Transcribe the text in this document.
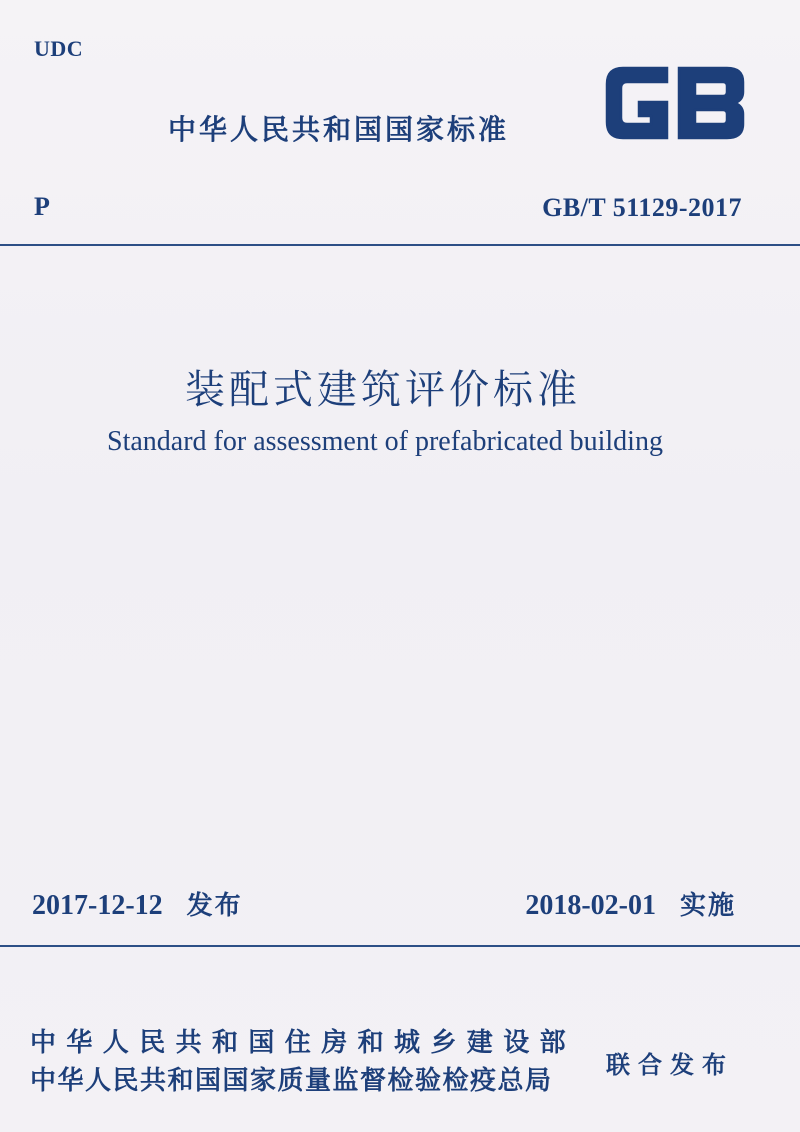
UDC
中华人民共和国国家标准
P	GB/T 51129-2017
装配式建筑评价标准
Standard for assessment of prefabricated building
2017-12-12 发布	2018-02-01 实施
中华人民共和国住房和城乡建设部
中华人民共和国国家质量监督检验检疫总局
联合发布
